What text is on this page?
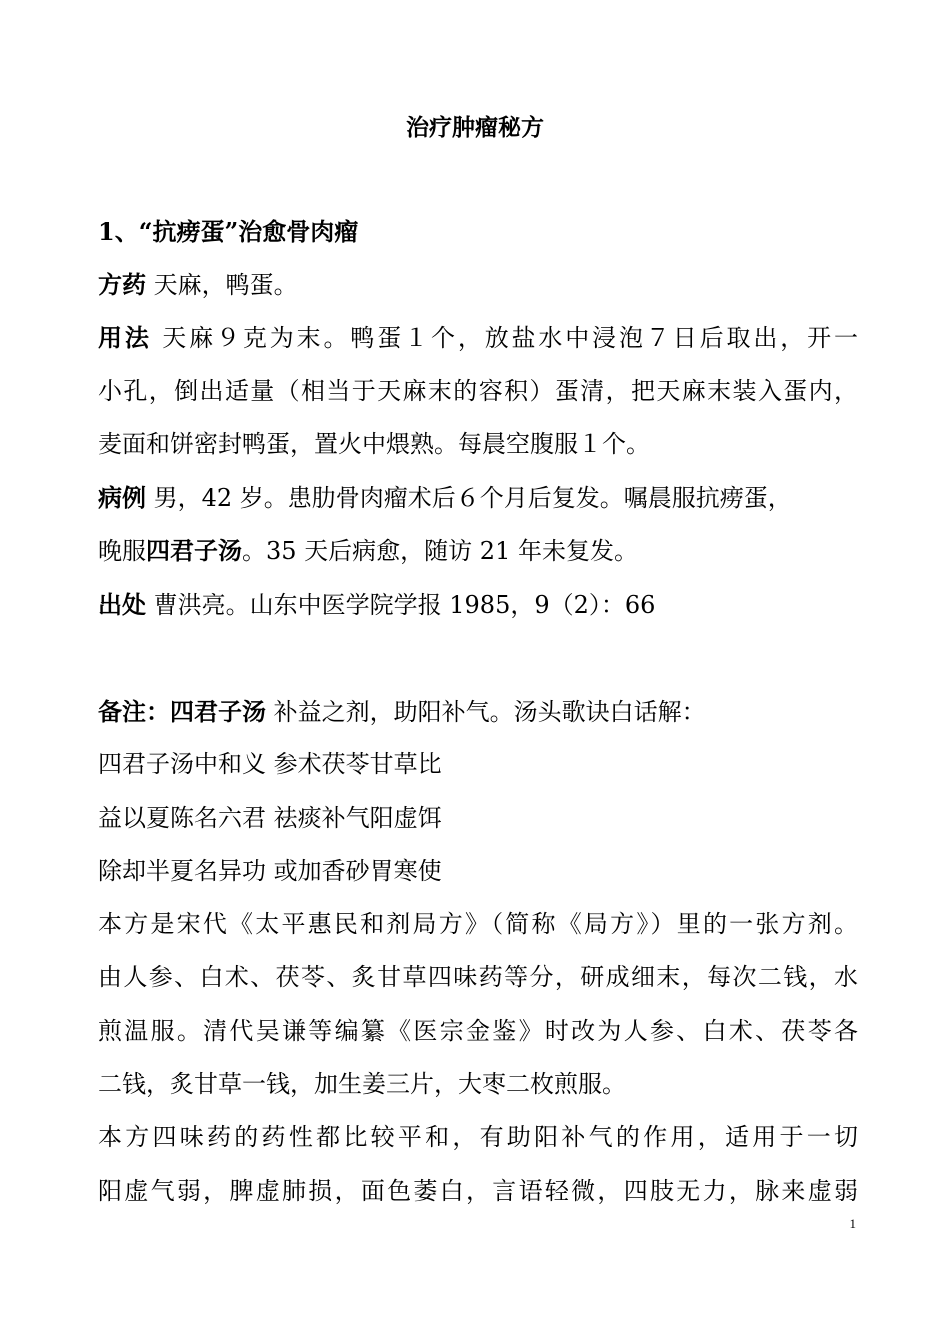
治疗肿瘤秘方
1、“抗痨蛋”治愈骨肉瘤
方药 天麻，鸭蛋。
用法 天麻９克为末。鸭蛋１个，放盐水中浸泡７日后取出，开一
小孔，倒出适量（相当于天麻末的容积）蛋清，把天麻末装入蛋内，
麦面和饼密封鸭蛋，置火中煨熟。每晨空腹服１个。
病例 男，42 岁。患肋骨肉瘤术后６个月后复发。嘱晨服抗痨蛋，
晚服四君子汤。35 天后病愈，随访 21 年未复发。
出处 曹洪亮。山东中医学院学报 1985，9（2）：66
备注：四君子汤 补益之剂，助阳补气。汤头歌诀白话解：
四君子汤中和义 参术茯苓甘草比
益以夏陈名六君 祛痰补气阳虚饵
除却半夏名异功 或加香砂胃寒使
本方是宋代《太平惠民和剂局方》（简称《局方》）里的一张方剂。
由人参、白术、茯苓、炙甘草四味药等分，研成细末，每次二钱，水
煎温服。清代吴谦等编纂《医宗金鉴》时改为人参、白术、茯苓各
二钱，炙甘草一钱，加生姜三片，大枣二枚煎服。
本方四味药的药性都比较平和，有助阳补气的作用，适用于一切
阳虚气弱，脾虚肺损，面色萎白，言语轻微，四肢无力，脉来虚弱
1
